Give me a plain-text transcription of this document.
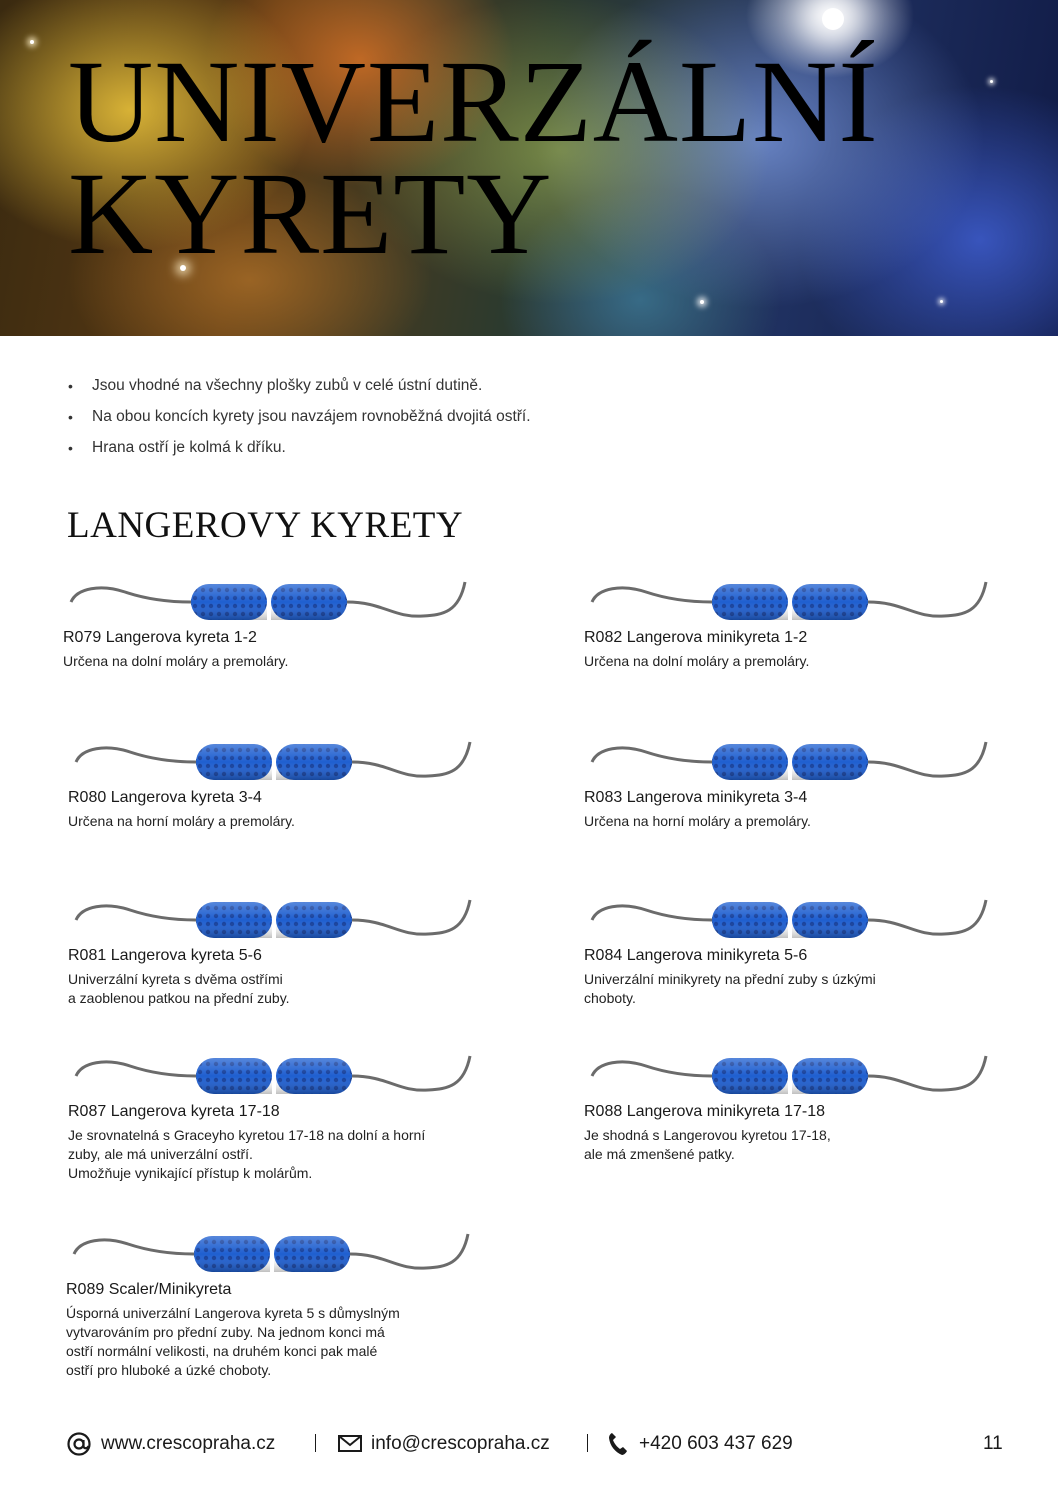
UNIVERZÁLNÍ
KYRETY
• Jsou vhodné na všechny plošky zubů v celé ústní dutině.
• Na obou koncích kyrety jsou navzájem rovnoběžná dvojitá ostří.
• Hrana ostří je kolmá k dříku.
LANGEROVY KYRETY
R079 Langerova kyreta 1-2
Určena na dolní moláry a premoláry.
R082 Langerova minikyreta 1-2
Určena na dolní moláry a premoláry.
R080 Langerova kyreta 3-4
Určena na horní moláry a premoláry.
R083 Langerova minikyreta 3-4
Určena na horní moláry a premoláry.
R081 Langerova kyreta 5-6
Univerzální kyreta s dvěma ostřími
a zaoblenou patkou na přední zuby.
R084 Langerova minikyreta 5-6
Univerzální minikyrety na přední zuby s úzkými
choboty.
R087 Langerova kyreta 17-18
Je srovnatelná s Graceyho kyretou 17-18 na dolní a horní
zuby, ale má univerzální ostří.
Umožňuje vynikající přístup k molárům.
R088 Langerova minikyreta 17-18
Je shodná s Langerovou kyretou 17-18,
ale má zmenšené patky.
R089 Scaler/Minikyreta
Úsporná univerzální Langerova kyreta 5 s důmyslným
vytvarováním pro přední zuby. Na jednom konci má
ostří normální velikosti, na druhém konci pak malé
ostří pro hluboké a úzké choboty.
www.crescopraha.cz	info@crescopraha.cz	+420 603 437 629	11
